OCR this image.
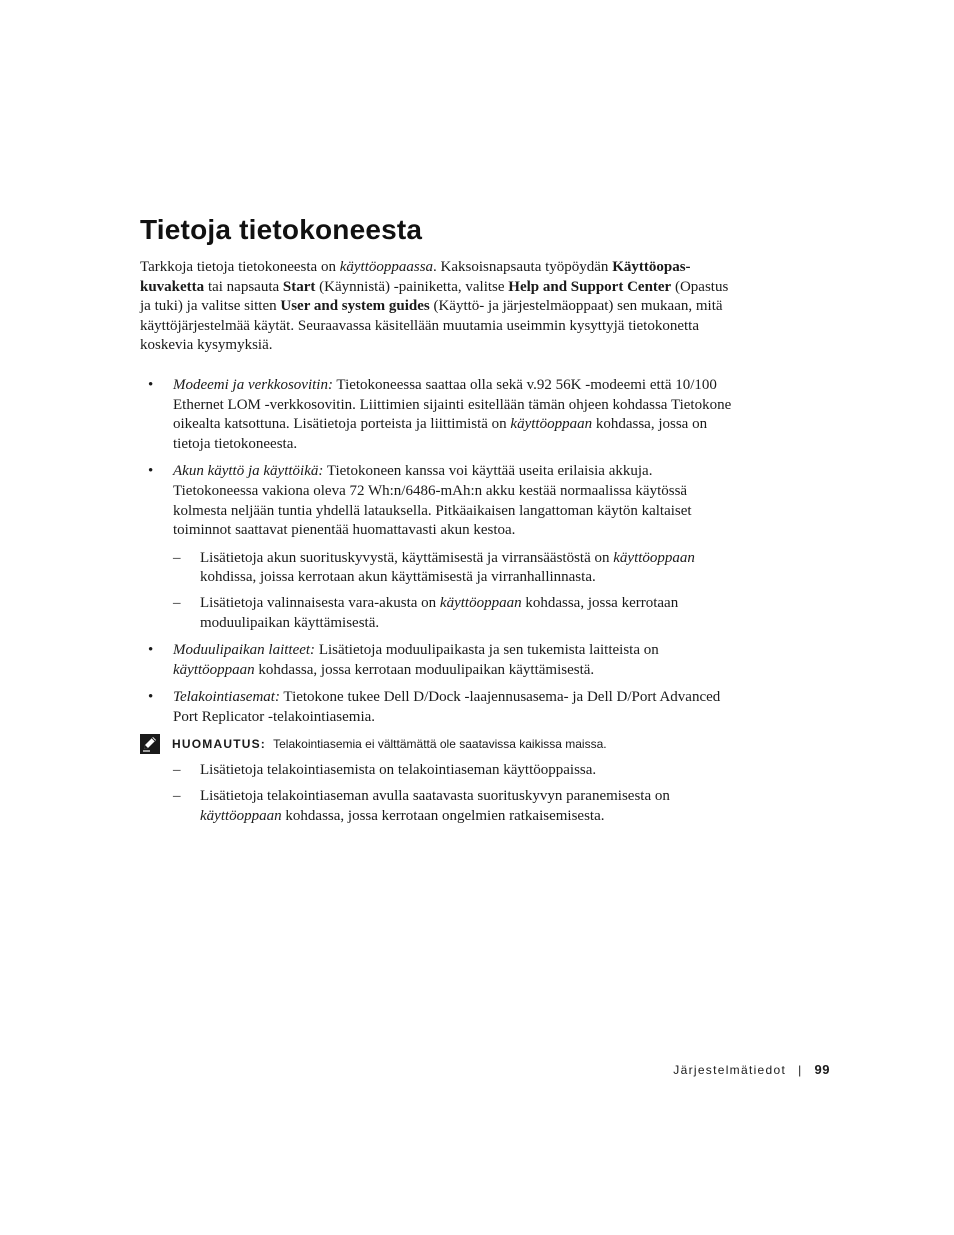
Tietoja tietokoneesta

Tarkkoja tietoja tietokoneesta on käyttöoppaassa. Kaksoisnapsauta työpöydän Käyttöopas-kuvaketta tai napsauta Start (Käynnistä) -painiketta, valitse Help and Support Center (Opastus ja tuki) ja valitse sitten User and system guides (Käyttö- ja järjestelmäoppaat) sen mukaan, mitä käyttöjärjestelmää käytät. Seuraavassa käsitellään muutamia useimmin kysyttyjä tietokonetta koskevia kysymyksiä.

• Modeemi ja verkkosovitin: Tietokoneessa saattaa olla sekä v.92 56K -modeemi että 10/100 Ethernet LOM -verkkosovitin. Liittimien sijainti esitellään tämän ohjeen kohdassa Tietokone oikealta katsottuna. Lisätietoja porteista ja liittimistä on käyttöoppaan kohdassa, jossa on tietoja tietokoneesta.
• Akun käyttö ja käyttöikä: Tietokoneen kanssa voi käyttää useita erilaisia akkuja. Tietokoneessa vakiona oleva 72 Wh:n/6486-mAh:n akku kestää normaalissa käytössä kolmesta neljään tuntia yhdellä latauksella. Pitkäaikaisen langattoman käytön kaltaiset toiminnot saattavat pienentää huomattavasti akun kestoa.
– Lisätietoja akun suorituskyvystä, käyttämisestä ja virransäästöstä on käyttöoppaan kohdissa, joissa kerrotaan akun käyttämisestä ja virranhallinnasta.
– Lisätietoja valinnaisesta vara-akusta on käyttöoppaan kohdassa, jossa kerrotaan moduulipaikan käyttämisestä.
• Moduulipaikan laitteet: Lisätietoja moduulipaikasta ja sen tukemista laitteista on käyttöoppaan kohdassa, jossa kerrotaan moduulipaikan käyttämisestä.
• Telakointiasemat: Tietokone tukee Dell D/Dock -laajennusasema- ja Dell D/Port Advanced Port Replicator -telakointiasemia.
HUOMAUTUS: Telakointiasemia ei välttämättä ole saatavissa kaikissa maissa.
– Lisätietoja telakointiasemista on telakointiaseman käyttöoppaissa.
– Lisätietoja telakointiaseman avulla saatavasta suorituskyvyn paranemisesta on käyttöoppaan kohdassa, jossa kerrotaan ongelmien ratkaisemisesta.
Järjestelmätiedot | 99
